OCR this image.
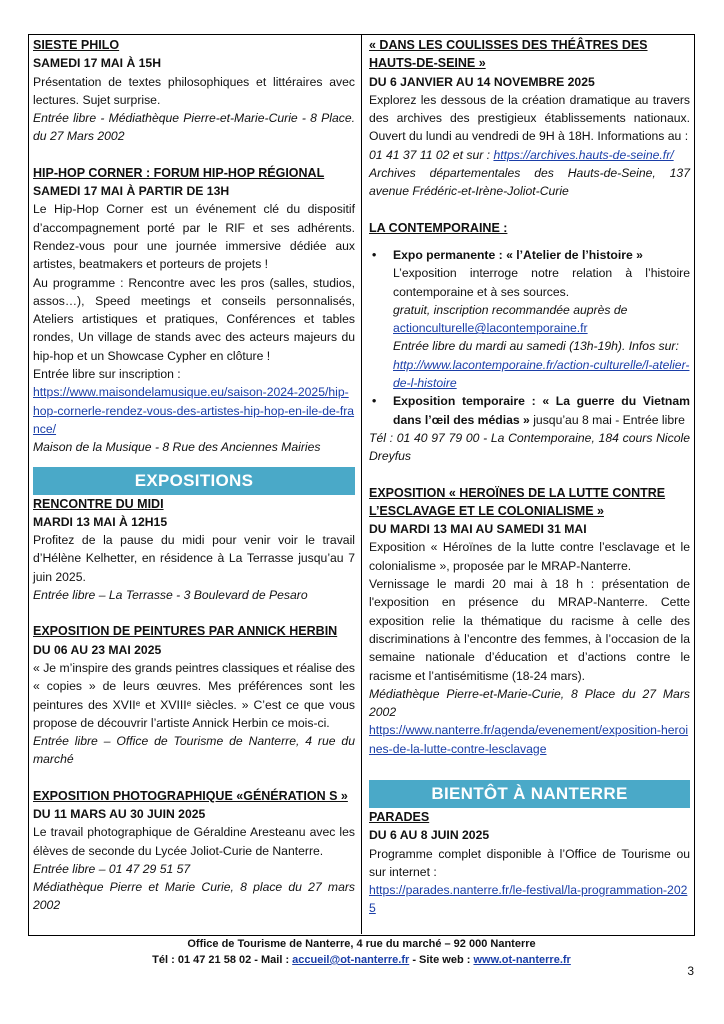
SIESTE PHILO
SAMEDI 17 MAI À 15H
Présentation de textes philosophiques et littéraires avec lectures. Sujet surprise.
Entrée libre - Médiathèque Pierre-et-Marie-Curie - 8 Place. du 27 Mars 2002
HIP-HOP CORNER : FORUM HIP-HOP RÉGIONAL
SAMEDI 17 MAI À PARTIR DE 13H
Le Hip-Hop Corner est un événement clé du dispositif d’accompagnement porté par le RIF et ses adhérents. Rendez-vous pour une journée immersive dédiée aux artistes, beatmakers et porteurs de projets !
Au programme : Rencontre avec les pros (salles, studios, assos…), Speed meetings et conseils personnalisés, Ateliers artistiques et pratiques, Conférences et tables rondes, Un village de stands avec des acteurs majeurs du hip-hop et un Showcase Cypher en clôture !
Entrée libre sur inscription :
https://www.maisondelamusique.eu/saison-2024-2025/hip-hop-cornerle-rendez-vous-des-artistes-hip-hop-en-ile-de-france/
Maison de la Musique - 8 Rue des Anciennes Mairies
EXPOSITIONS
RENCONTRE DU MIDI
MARDI 13 MAI À 12H15
Profitez de la pause du midi pour venir voir le travail d’Hélène Kelhetter, en résidence à La Terrasse jusqu’au 7 juin 2025.
Entrée libre – La Terrasse - 3 Boulevard de Pesaro
EXPOSITION DE PEINTURES PAR ANNICK HERBIN
DU 06 AU 23 MAI 2025
« Je m’inspire des grands peintres classiques et réalise des « copies » de leurs œuvres. Mes préférences sont les peintures des XVIIᵉ et XVIIIᵉ siècles. » C’est ce que vous propose de découvrir l’artiste Annick Herbin ce mois-ci.
Entrée libre – Office de Tourisme de Nanterre, 4 rue du marché
EXPOSITION PHOTOGRAPHIQUE «GÉNÉRATION S »
DU 11 MARS AU 30 JUIN 2025
Le travail photographique de Géraldine Aresteanu avec les élèves de seconde du Lycée Joliot-Curie de Nanterre.
Entrée libre – 01 47 29 51 57
Médiathèque Pierre et Marie Curie, 8 place du 27 mars 2002
« DANS LES COULISSES DES THÉÂTRES DES HAUTS-DE-SEINE »
DU 6 JANVIER AU 14 NOVEMBRE 2025
Explorez les dessous de la création dramatique au travers des archives des prestigieux établissements nationaux. Ouvert du lundi au vendredi de 9H à 18H. Informations au :
01 41 37 11 02 et sur : https://archives.hauts-de-seine.fr/
Archives départementales des Hauts-de-Seine, 137 avenue Frédéric-et-Irène-Joliot-Curie
LA CONTEMPORAINE :
• Expo permanente : « l’Atelier de l’histoire »
L’exposition interroge notre relation à l’histoire contemporaine et à ses sources.
gratuit, inscription recommandée auprès de
actionculturelle@lacontemporaine.fr
Entrée libre du mardi au samedi (13h-19h). Infos sur:
http://www.lacontemporaine.fr/action-culturelle/l-atelier-de-l-histoire
• Exposition temporaire : « La guerre du Vietnam dans l’œil des médias » jusqu’au 8 mai - Entrée libre
Tél : 01 40 97 79 00 - La Contemporaine, 184 cours Nicole Dreyfus
EXPOSITION « HEROÏNES DE LA LUTTE CONTRE L’ESCLAVAGE ET LE COLONIALISME »
DU MARDI 13 MAI AU SAMEDI 31 MAI
Exposition « Héroïnes de la lutte contre l’esclavage et le colonialisme », proposée par le MRAP-Nanterre.
Vernissage le mardi 20 mai à 18 h : présentation de l'exposition en présence du MRAP-Nanterre. Cette exposition relie la thématique du racisme à celle des discriminations à l’encontre des femmes, à l’occasion de la semaine nationale d’éducation et d’actions contre le racisme et l’antisémitisme (18-24 mars).
Médiathèque Pierre-et-Marie-Curie, 8 Place du 27 Mars 2002
https://www.nanterre.fr/agenda/evenement/exposition-heroines-de-la-lutte-contre-lesclavage
BIENTÔT À NANTERRE
PARADES
DU 6 AU 8 JUIN 2025
Programme complet disponible à l’Office de Tourisme ou sur internet :
https://parades.nanterre.fr/le-festival/la-programmation-2025
Office de Tourisme de Nanterre, 4 rue du marché – 92 000 Nanterre
Tél : 01 47 21 58 02 - Mail : accueil@ot-nanterre.fr - Site web : www.ot-nanterre.fr
3
